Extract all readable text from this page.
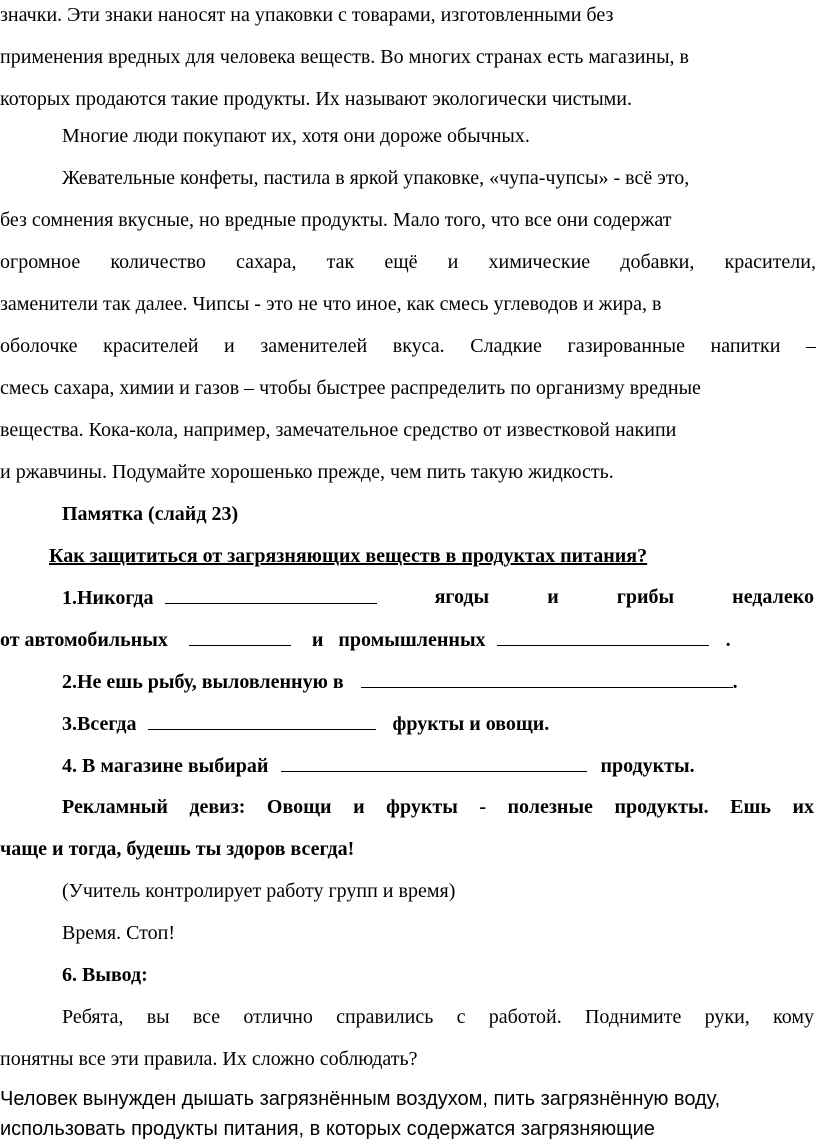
значки. Эти знаки наносят на упаковки с товарами, изготовленными без
применения вредных для человека веществ. Во многих странах есть магазины, в
которых продаются такие продукты. Их называют экологически чистыми.
Многие люди покупают их, хотя они дороже обычных.
Жевательные конфеты, пастила в яркой упаковке, «чупа-чупсы» - всё это,
без сомнения вкусные, но вредные продукты. Мало того, что все они содержат
огромное количество сахара, так ещё и химические добавки, красители,
заменители так далее. Чипсы - это не что иное, как смесь углеводов и жира, в
оболочке красителей и заменителей вкуса. Сладкие газированные напитки –
смесь сахара, химии и газов – чтобы быстрее распределить по организму вредные
вещества. Кока-кола, например, замечательное средство от известковой накипи
и ржавчины. Подумайте хорошенько прежде, чем пить такую жидкость.
Памятка (слайд 23)
Как защититься от загрязняющих веществ в продуктах питания?
1.Никогда	ягоды	и	грибы	недалеко
от автомобильных	и промышленных	.
2.Не ешь рыбу, выловленную в	.
3.Всегда	фрукты и овощи.
4. В магазине выбирай	продукты.
Рекламный девиз: Овощи и фрукты - полезные продукты. Ешь их
чаще и тогда, будешь ты здоров всегда!
(Учитель контролирует работу групп и время)
Время. Стоп!
6. Вывод:
Ребята, вы все отлично справились с работой. Поднимите руки, кому
понятны все эти правила. Их сложно соблюдать?
Человек вынужден дышать загрязнённым воздухом, пить загрязнённую воду,
использовать продукты питания, в которых содержатся загрязняющие
